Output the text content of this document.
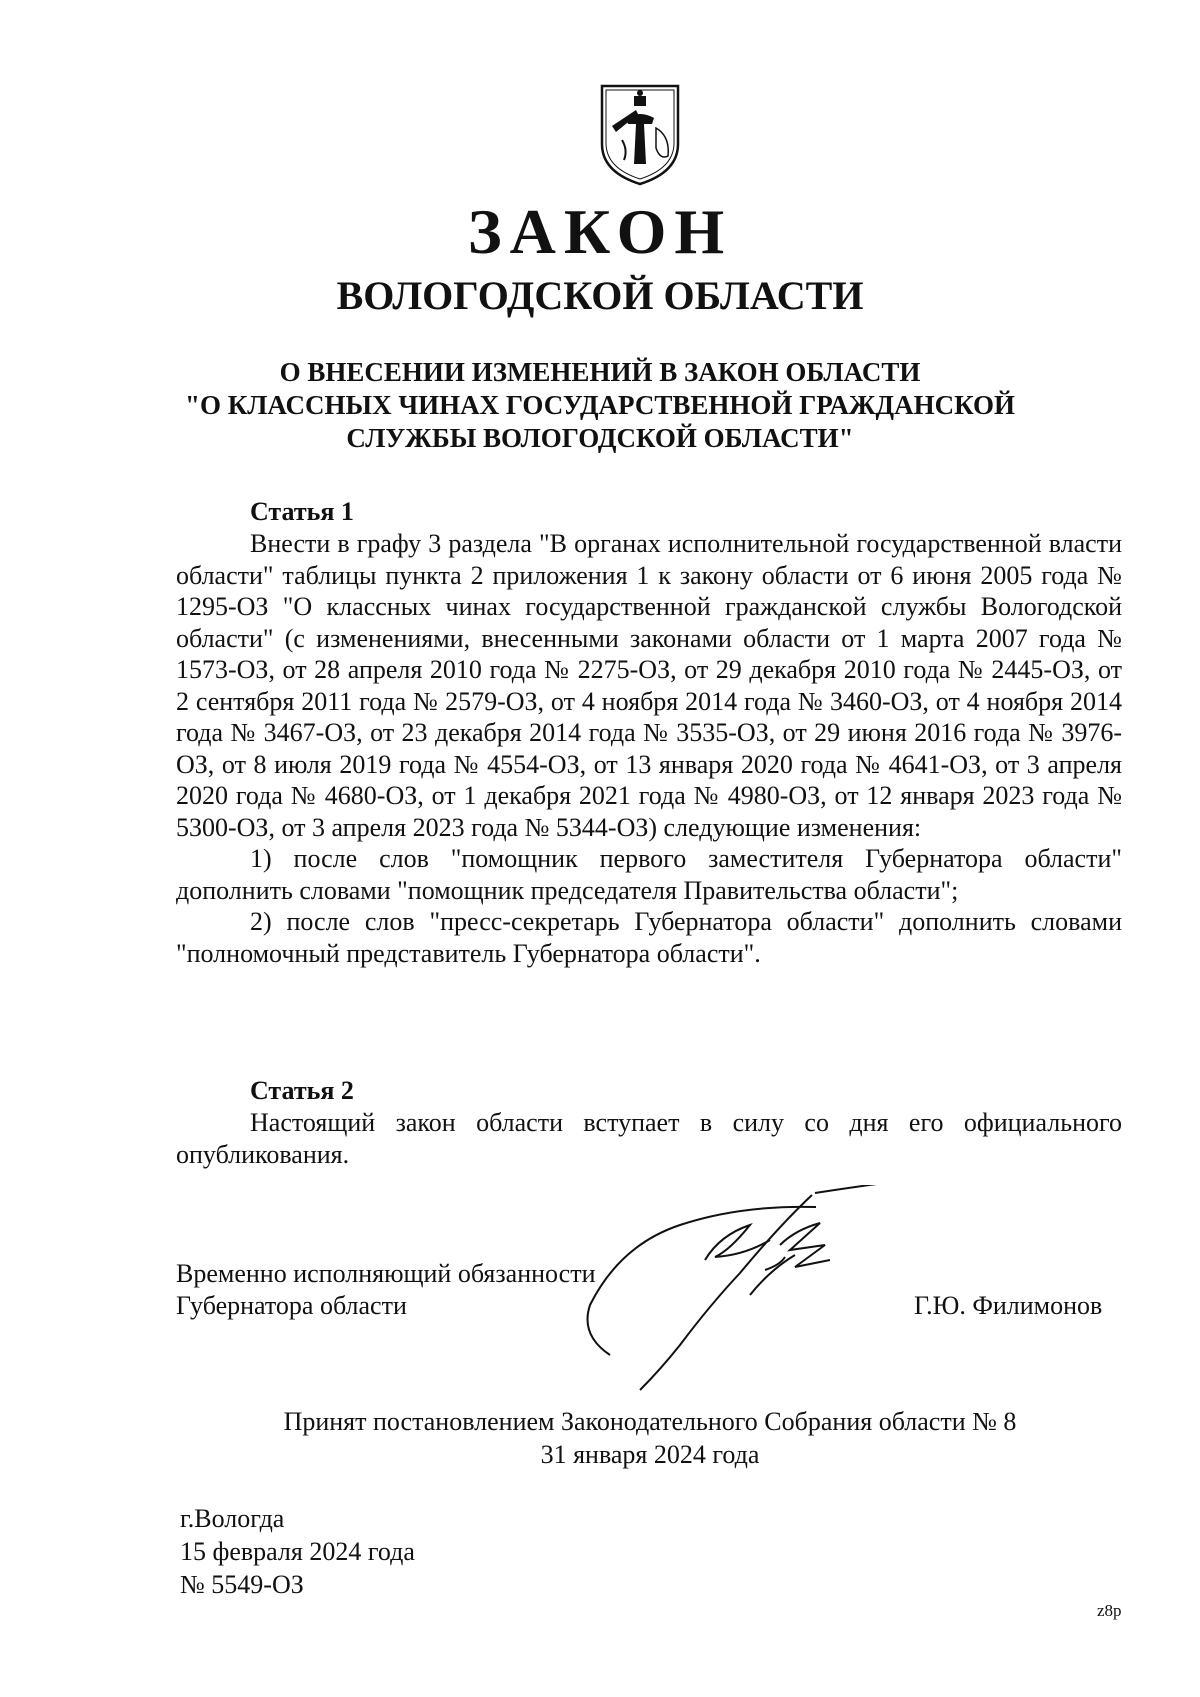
ЗАКОН
ВОЛОГОДСКОЙ ОБЛАСТИ
О ВНЕСЕНИИ ИЗМЕНЕНИЙ В ЗАКОН ОБЛАСТИ
"О КЛАССНЫХ ЧИНАХ ГОСУДАРСТВЕННОЙ ГРАЖДАНСКОЙ
СЛУЖБЫ ВОЛОГОДСКОЙ ОБЛАСТИ"
Статья 1

Внести в графу 3 раздела "В органах исполнительной государственной власти области" таблицы пункта 2 приложения 1 к закону области от 6 июня 2005 года № 1295-ОЗ "О классных чинах государственной гражданской службы Вологодской области" (с изменениями, внесенными законами области от 1 марта 2007 года № 1573-ОЗ, от 28 апреля 2010 года № 2275-ОЗ, от 29 декабря 2010 года № 2445-ОЗ, от 2 сентября 2011 года № 2579-ОЗ, от 4 ноября 2014 года № 3460-ОЗ, от 4 ноября 2014 года № 3467-ОЗ, от 23 декабря 2014 года № 3535-ОЗ, от 29 июня 2016 года № 3976-ОЗ, от 8 июля 2019 года № 4554-ОЗ, от 13 января 2020 года № 4641-ОЗ, от 3 апреля 2020 года № 4680-ОЗ, от 1 декабря 2021 года № 4980-ОЗ, от 12 января 2023 года № 5300-ОЗ, от 3 апреля 2023 года № 5344-ОЗ) следующие изменения:

1) после слов "помощник первого заместителя Губернатора области" дополнить словами "помощник председателя Правительства области";

2) после слов "пресс-секретарь Губернатора области" дополнить словами "полномочный представитель Губернатора области".

Статья 2

Настоящий закон области вступает в силу со дня его официального опубликования.

Временно исполняющий обязанности
Губернатора области	Г.Ю. Филимонов
Принят постановлением Законодательного Собрания области № 8
31 января 2024 года
г.Вологда
15 февраля 2024 года
№ 5549-ОЗ
z8p
